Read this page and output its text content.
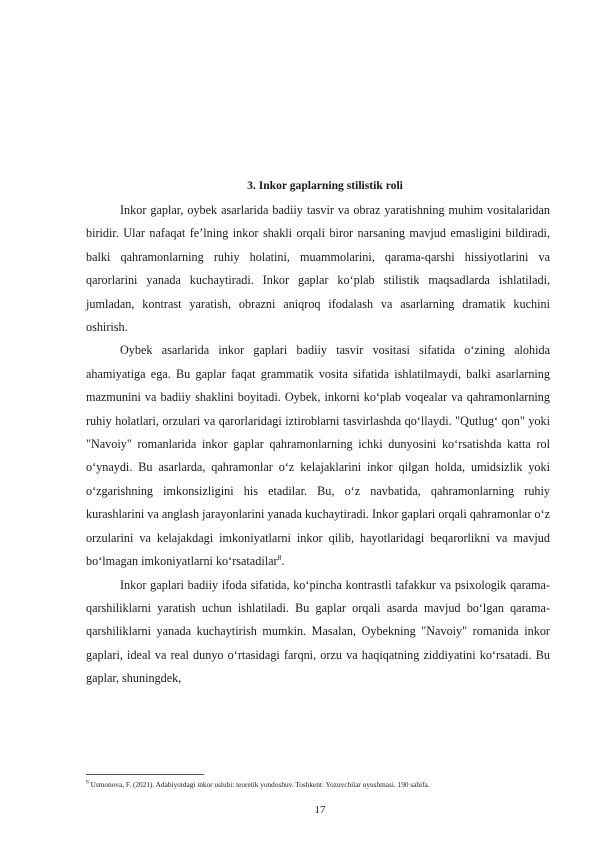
3. Inkor gaplarning stilistik roli

Inkor gaplar, oybek asarlarida badiiy tasvir va obraz yaratishning muhim vositalaridan biridir. Ular nafaqat fe’lning inkor shakli orqali biror narsaning mavjud emasligini bildiradi, balki qahramonlarning ruhiy holatini, muammolarini, qarama-qarshi hissiyotlarini va qarorlarini yanada kuchaytiradi. Inkor gaplar ko‘plab stilistik maqsadlarda ishlatiladi, jumladan, kontrast yaratish, obrazni aniqroq ifodalash va asarlarning dramatik kuchini oshirish.

Oybek asarlarida inkor gaplari badiiy tasvir vositasi sifatida o‘zining alohida ahamiyatiga ega. Bu gaplar faqat grammatik vosita sifatida ishlatilmaydi, balki asarlarning mazmunini va badiiy shaklini boyitadi. Oybek, inkorni ko‘plab voqealar va qahramonlarning ruhiy holatlari, orzulari va qarorlaridagi iztiroblarni tasvirlashda qo‘llaydi. "Qutlug‘ qon" yoki "Navoiy" romanlarida inkor gaplar qahramonlarning ichki dunyosini ko‘rsatishda katta rol o‘ynaydi. Bu asarlarda, qahramonlar o‘z kelajaklarini inkor qilgan holda, umidsizlik yoki o‘zgarishning imkonsizligini his etadilar. Bu, o‘z navbatida, qahramonlarning ruhiy kurashlarini va anglash jarayonlarini yanada kuchaytiradi. Inkor gaplari orqali qahramonlar o‘z orzularini va kelajakdagi imkoniyatlarni inkor qilib, hayotlaridagi beqarorlikni va mavjud bo‘lmagan imkoniyatlarni ko‘rsatadilar$^8$.

Inkor gaplari badiiy ifoda sifatida, ko‘pincha kontrastli tafakkur va psixologik qarama-qarshiliklarni yaratish uchun ishlatiladi. Bu gaplar orqali asarda mavjud bo‘lgan qarama-qarshiliklarni yanada kuchaytirish mumkin. Masalan, Oybekning "Navoiy" romanida inkor gaplari, ideal va real dunyo o‘rtasidagi farqni, orzu va haqiqatning ziddiyatini ko‘rsatadi. Bu gaplar, shuningdek,

$^8$ Usmonova, F. (2021). Adabiyotdagi inkor uslubi: teoretik yondoshuv. Toshkent: Yozuvchilar uyushmasi. 190 sahifa.
17
